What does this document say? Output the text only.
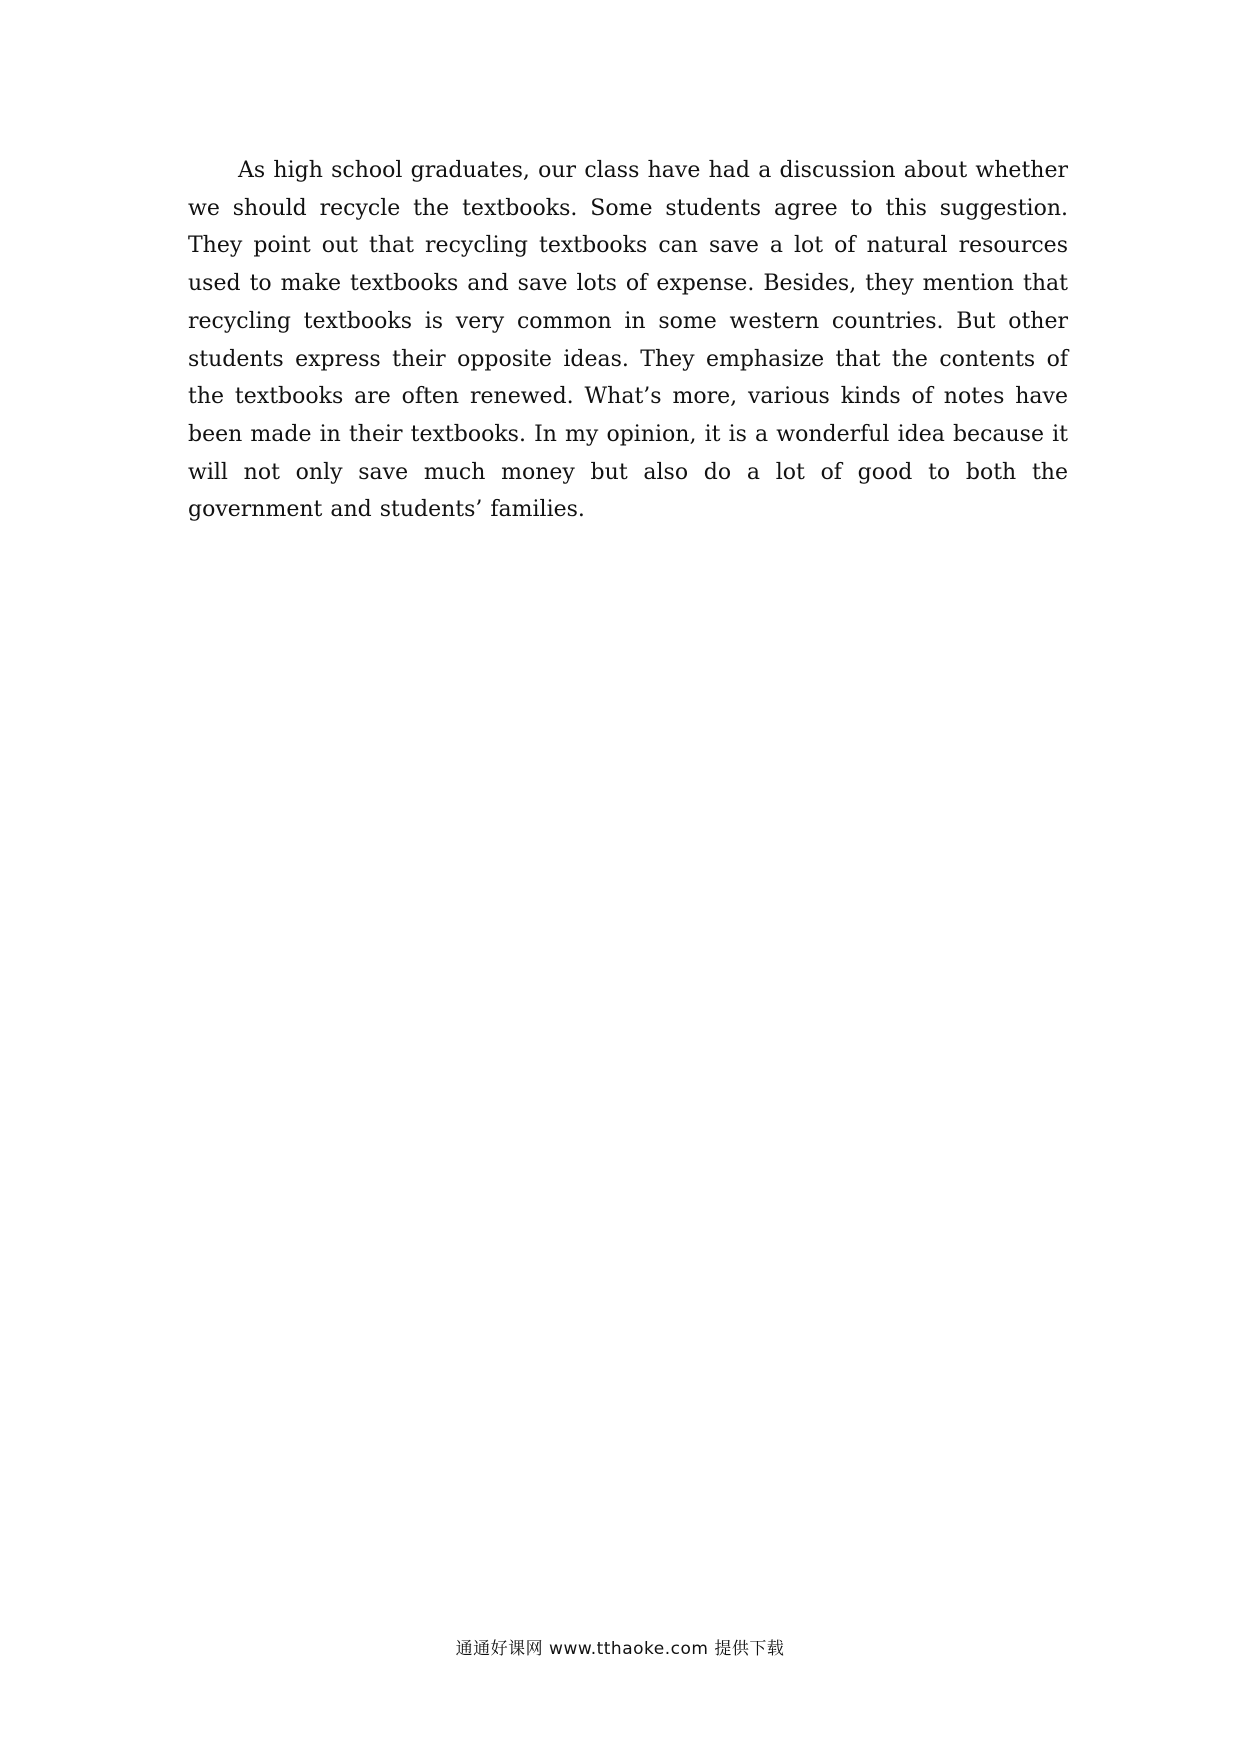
As high school graduates, our class have had a discussion about whether we should recycle the textbooks. Some students agree to this suggestion. They point out that recycling textbooks can save a lot of natural resources used to make textbooks and save lots of expense. Besides, they mention that recycling textbooks is very common in some western countries. But other students express their opposite ideas. They emphasize that the contents of the textbooks are often renewed. What’s more, various kinds of notes have been made in their textbooks. In my opinion, it is a wonderful idea because it will not only save much money but also do a lot of good to both the government and students’ families.

通通好课网 www.tthaoke.com 提供下载
